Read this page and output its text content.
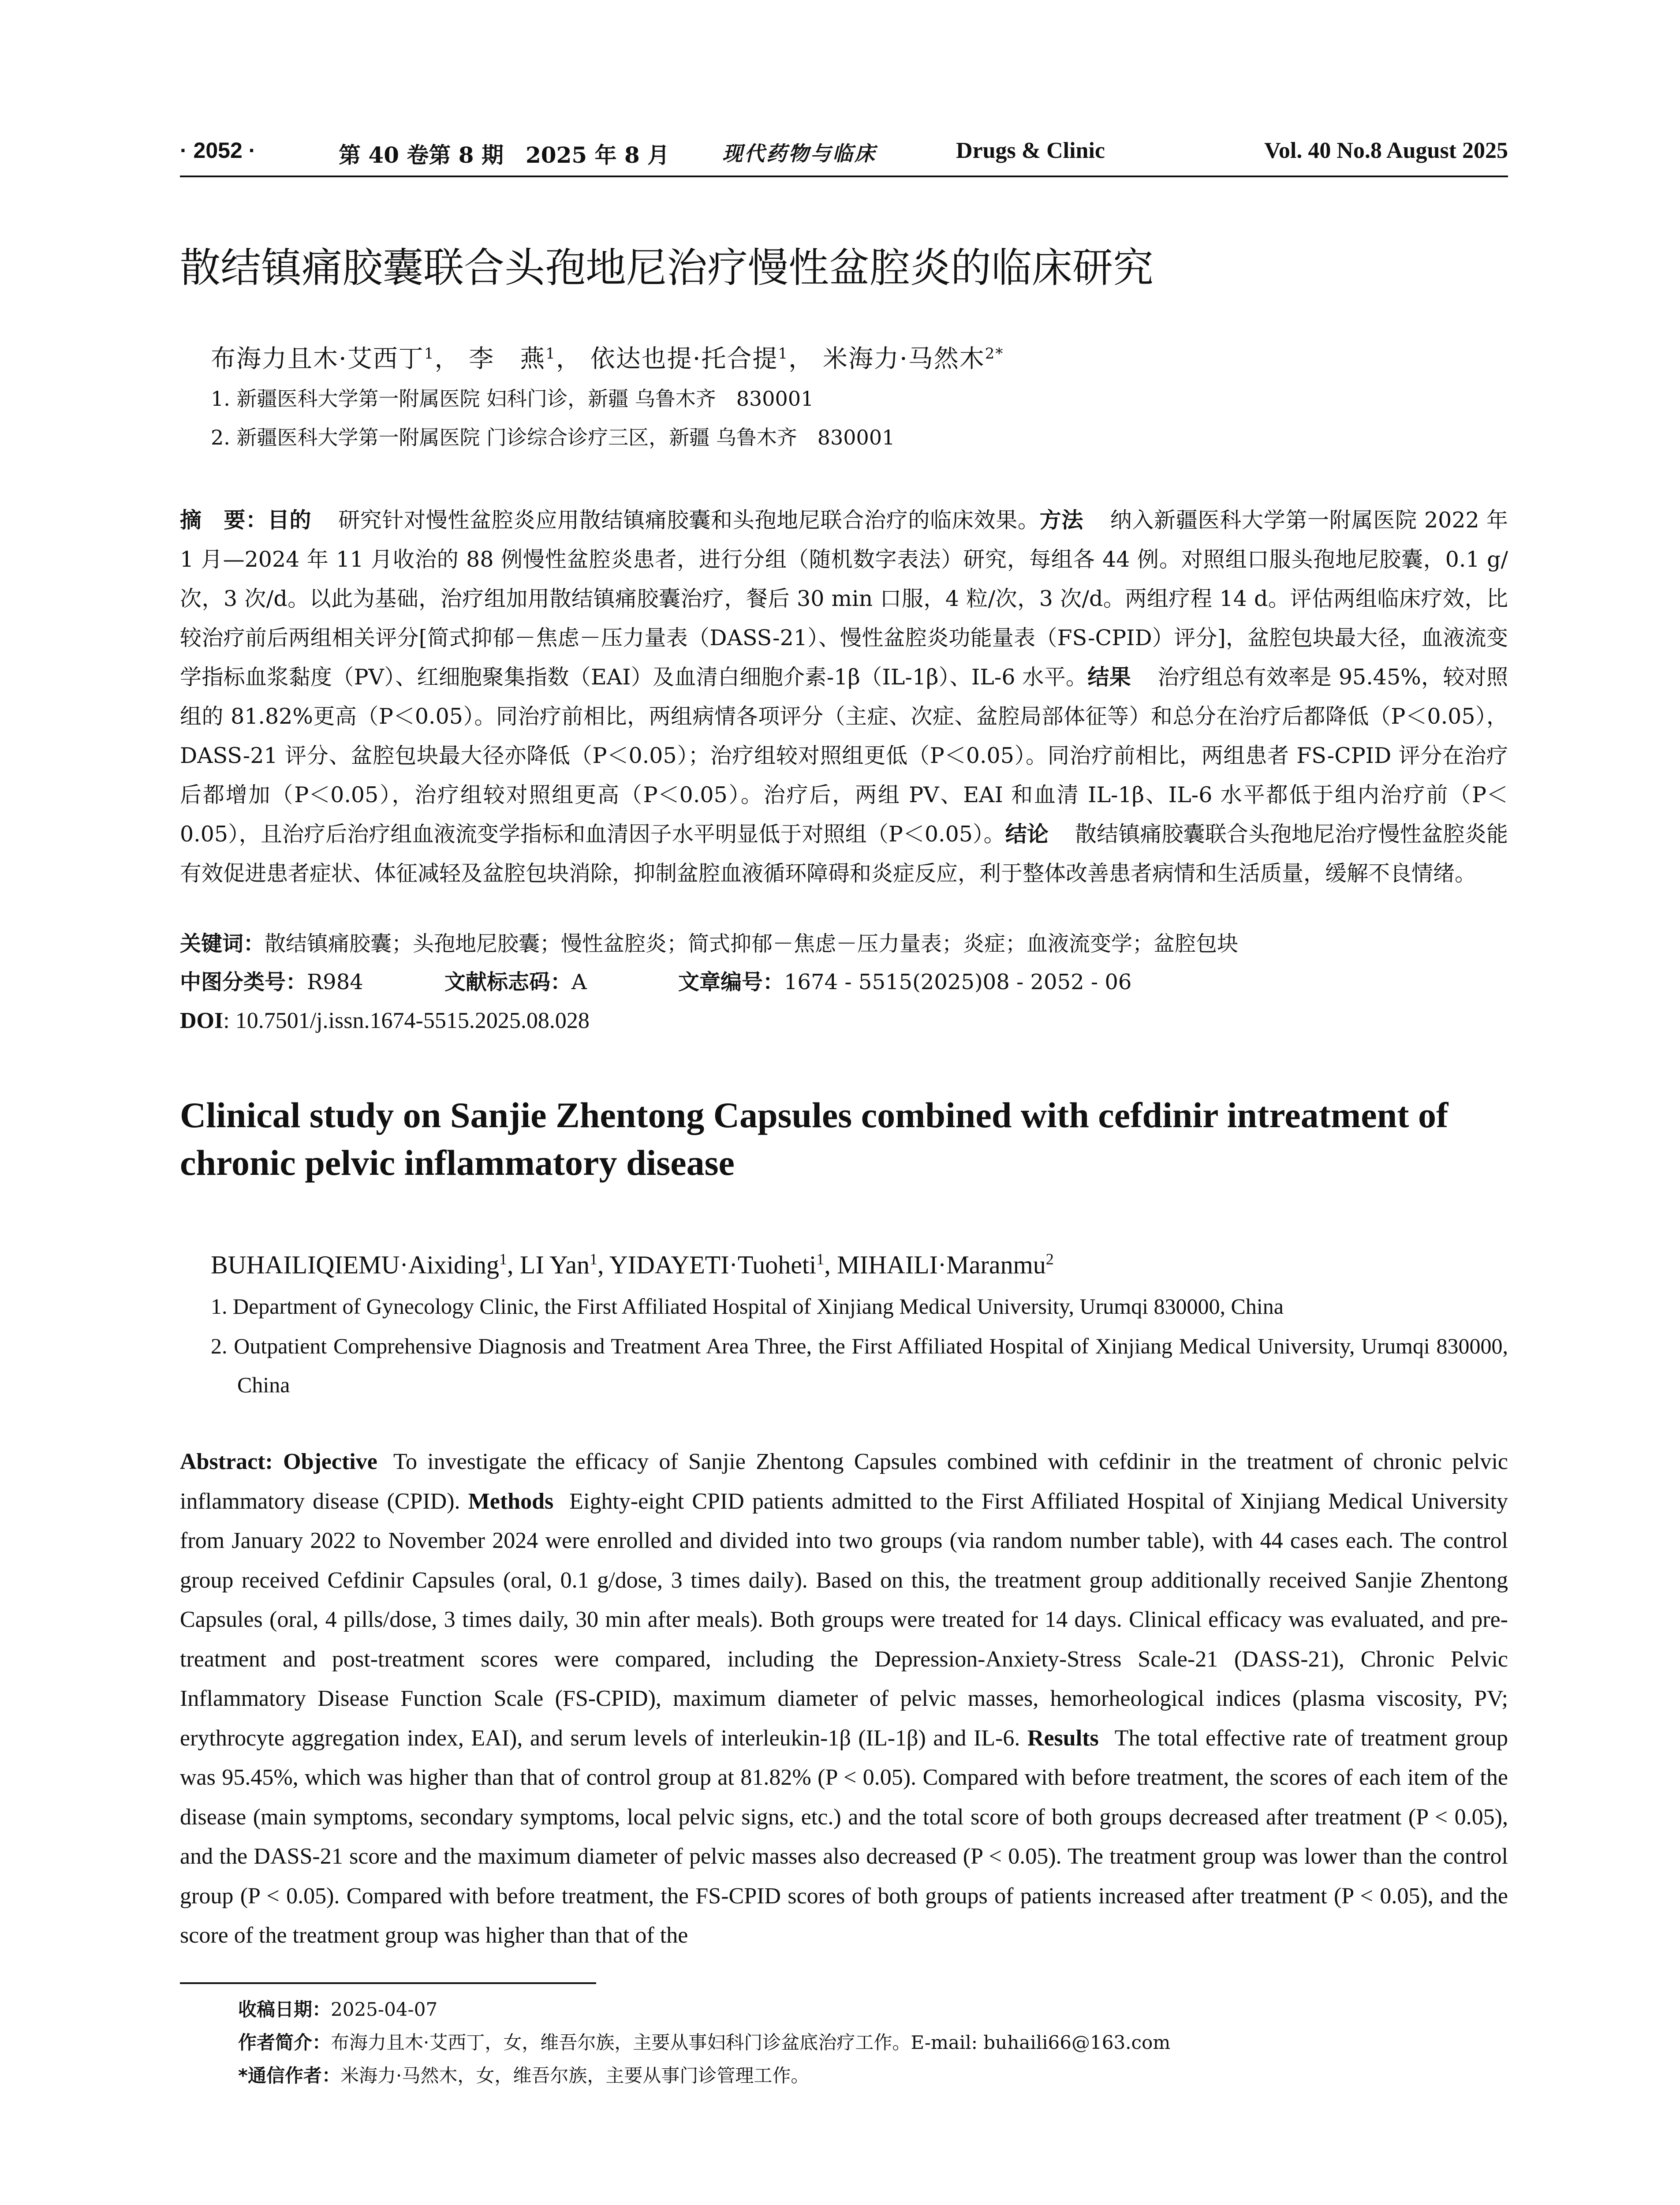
· 2052 ·	第 40 卷第 8 期　2025 年 8 月	现代药物与临床	Drugs & Clinic	Vol. 40 No.8 August 2025
散结镇痛胶囊联合头孢地尼治疗慢性盆腔炎的临床研究
布海力且木·艾西丁$^1$， 李　燕$^1$， 依达也提·托合提$^1$， 米海力·马然木$^{2*}$
1. 新疆医科大学第一附属医院 妇科门诊，新疆 乌鲁木齐　830001
2. 新疆医科大学第一附属医院 门诊综合诊疗三区，新疆 乌鲁木齐　830001
摘　要：目的 研究针对慢性盆腔炎应用散结镇痛胶囊和头孢地尼联合治疗的临床效果。方法 纳入新疆医科大学第一附属医院 2022 年 1 月—2024 年 11 月收治的 88 例慢性盆腔炎患者，进行分组（随机数字表法）研究，每组各 44 例。对照组口服头孢地尼胶囊，0.1 g/次，3 次/d。以此为基础，治疗组加用散结镇痛胶囊治疗，餐后 30 min 口服，4 粒/次，3 次/d。两组疗程 14 d。评估两组临床疗效，比较治疗前后两组相关评分[简式抑郁－焦虑－压力量表（DASS-21）、慢性盆腔炎功能量表（FS-CPID）评分]，盆腔包块最大径，血液流变学指标血浆黏度（PV）、红细胞聚集指数（EAI）及血清白细胞介素-1β（IL-1β）、IL-6 水平。结果 治疗组总有效率是 95.45%，较对照组的 81.82%更高（P＜0.05）。同治疗前相比，两组病情各项评分（主症、次症、盆腔局部体征等）和总分在治疗后都降低（P＜0.05），DASS-21 评分、盆腔包块最大径亦降低（P＜0.05）；治疗组较对照组更低（P＜0.05）。同治疗前相比，两组患者 FS-CPID 评分在治疗后都增加（P＜0.05），治疗组较对照组更高（P＜0.05）。治疗后，两组 PV、EAI 和血清 IL-1β、IL-6 水平都低于组内治疗前（P＜0.05），且治疗后治疗组血液流变学指标和血清因子水平明显低于对照组（P＜0.05）。结论 散结镇痛胶囊联合头孢地尼治疗慢性盆腔炎能有效促进患者症状、体征减轻及盆腔包块消除，抑制盆腔血液循环障碍和炎症反应，利于整体改善患者病情和生活质量，缓解不良情绪。
关键词：散结镇痛胶囊；头孢地尼胶囊；慢性盆腔炎；简式抑郁－焦虑－压力量表；炎症；血液流变学；盆腔包块
中图分类号：R984	文献标志码：A	文章编号：1674 - 5515(2025)08 - 2052 - 06
DOI: 10.7501/j.issn.1674-5515.2025.08.028
Clinical study on Sanjie Zhentong Capsules combined with cefdinir intreatment of chronic pelvic inflammatory disease
BUHAILIQIEMU·Aixiding$^1$, LI Yan$^1$, YIDAYETI·Tuoheti$^1$, MIHAILI·Maranmu$^2$
1. Department of Gynecology Clinic, the First Affiliated Hospital of Xinjiang Medical University, Urumqi 830000, China
2. Outpatient Comprehensive Diagnosis and Treatment Area Three, the First Affiliated Hospital of Xinjiang Medical University, Urumqi 830000, China
Abstract: Objective To investigate the efficacy of Sanjie Zhentong Capsules combined with cefdinir in the treatment of chronic pelvic inflammatory disease (CPID). Methods Eighty-eight CPID patients admitted to the First Affiliated Hospital of Xinjiang Medical University from January 2022 to November 2024 were enrolled and divided into two groups (via random number table), with 44 cases each. The control group received Cefdinir Capsules (oral, 0.1 g/dose, 3 times daily). Based on this, the treatment group additionally received Sanjie Zhentong Capsules (oral, 4 pills/dose, 3 times daily, 30 min after meals). Both groups were treated for 14 days. Clinical efficacy was evaluated, and pre-treatment and post-treatment scores were compared, including the Depression-Anxiety-Stress Scale-21 (DASS-21), Chronic Pelvic Inflammatory Disease Function Scale (FS-CPID), maximum diameter of pelvic masses, hemorheological indices (plasma viscosity, PV; erythrocyte aggregation index, EAI), and serum levels of interleukin-1β (IL-1β) and IL-6. Results The total effective rate of treatment group was 95.45%, which was higher than that of control group at 81.82% (P < 0.05). Compared with before treatment, the scores of each item of the disease (main symptoms, secondary symptoms, local pelvic signs, etc.) and the total score of both groups decreased after treatment (P < 0.05), and the DASS-21 score and the maximum diameter of pelvic masses also decreased (P < 0.05). The treatment group was lower than the control group (P < 0.05). Compared with before treatment, the FS-CPID scores of both groups of patients increased after treatment (P < 0.05), and the score of the treatment group was higher than that of the
收稿日期：2025-04-07
作者简介：布海力且木·艾西丁，女，维吾尔族，主要从事妇科门诊盆底治疗工作。E-mail: buhaili66@163.com
*通信作者：米海力·马然木，女，维吾尔族，主要从事门诊管理工作。
